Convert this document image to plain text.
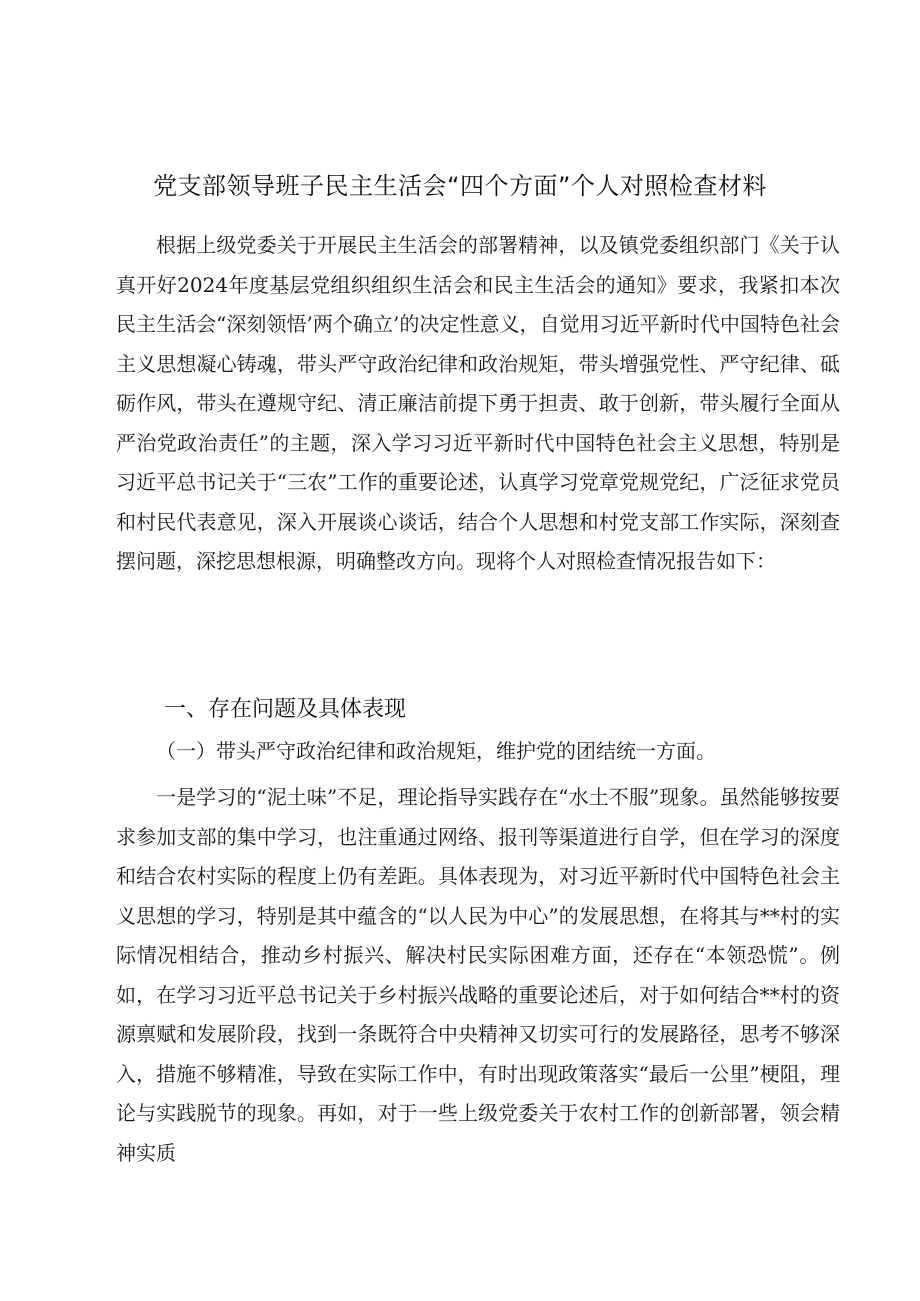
党支部领导班子民主生活会“四个方面”个人对照检查材料

根据上级党委关于开展民主生活会的部署精神，以及镇党委组织部门《关于认真开好2024年度基层党组织组织生活会和民主生活会的通知》要求，我紧扣本次民主生活会“深刻领悟’两个确立’的决定性意义，自觉用习近平新时代中国特色社会主义思想凝心铸魂，带头严守政治纪律和政治规矩，带头增强党性、严守纪律、砥砺作风，带头在遵规守纪、清正廉洁前提下勇于担责、敢于创新，带头履行全面从严治党政治责任”的主题，深入学习习近平新时代中国特色社会主义思想，特别是习近平总书记关于“三农”工作的重要论述，认真学习党章党规党纪，广泛征求党员和村民代表意见，深入开展谈心谈话，结合个人思想和村党支部工作实际，深刻查摆问题，深挖思想根源，明确整改方向。现将个人对照检查情况报告如下：

一、存在问题及具体表现
（一）带头严守政治纪律和政治规矩，维护党的团结统一方面。

一是学习的“泥土味”不足，理论指导实践存在“水土不服”现象。虽然能够按要求参加支部的集中学习，也注重通过网络、报刊等渠道进行自学，但在学习的深度和结合农村实际的程度上仍有差距。具体表现为，对习近平新时代中国特色社会主义思想的学习，特别是其中蕴含的“以人民为中心”的发展思想，在将其与**村的实际情况相结合，推动乡村振兴、解决村民实际困难方面，还存在“本领恐慌”。例如，在学习习近平总书记关于乡村振兴战略的重要论述后，对于如何结合**村的资源禀赋和发展阶段，找到一条既符合中央精神又切实可行的发展路径，思考不够深入，措施不够精准，导致在实际工作中，有时出现政策落实“最后一公里”梗阻，理论与实践脱节的现象。再如，对于一些上级党委关于农村工作的创新部署，领会精神实质
